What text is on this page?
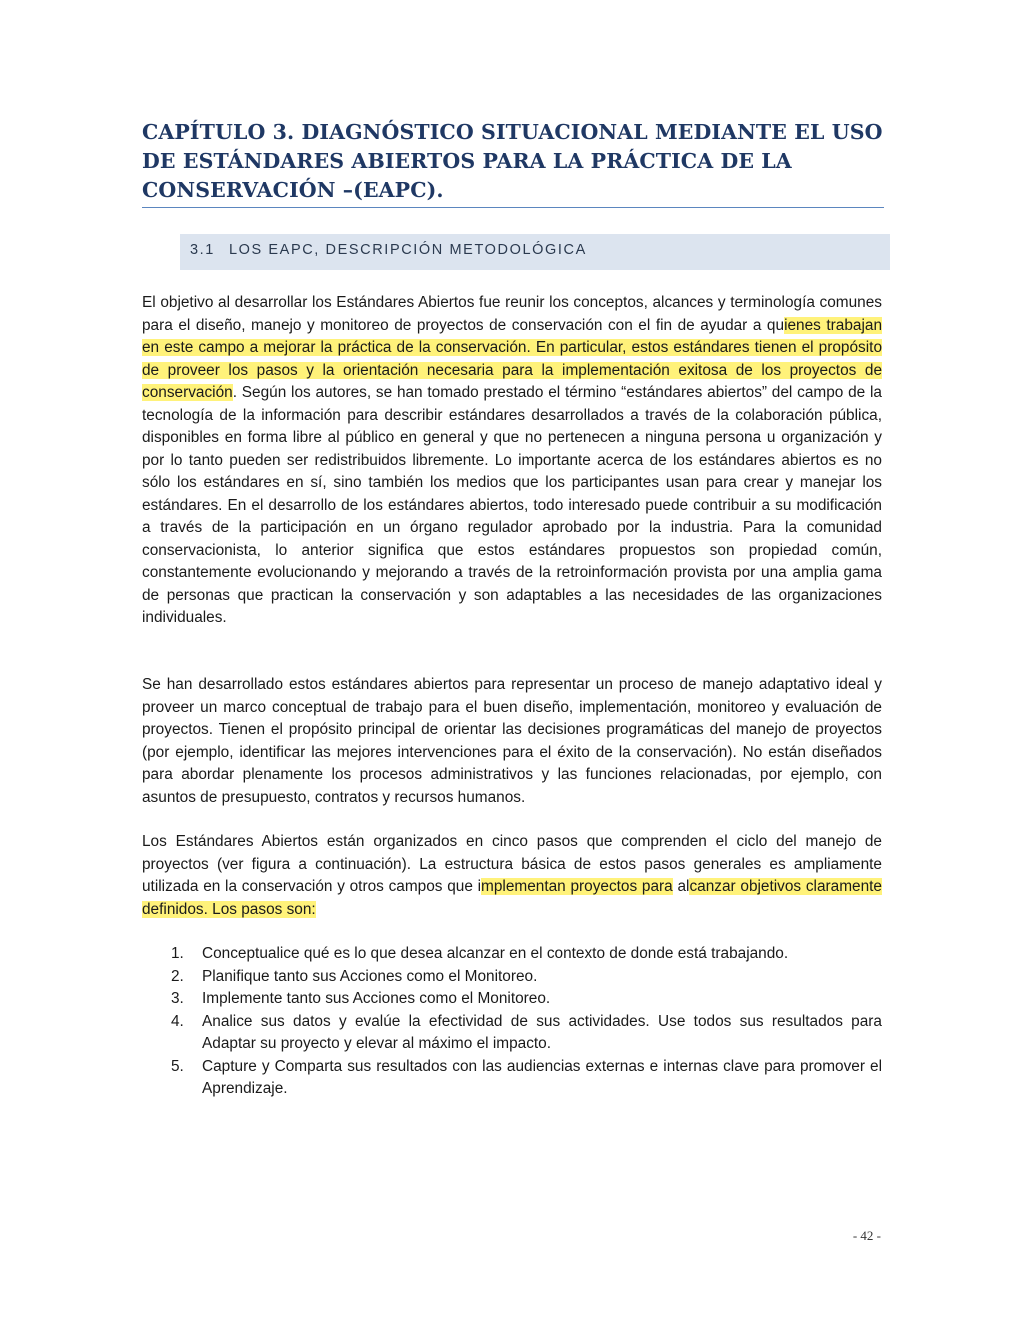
CAPÍTULO 3. DIAGNÓSTICO SITUACIONAL MEDIANTE EL USO DE ESTÁNDARES ABIERTOS PARA LA PRÁCTICA DE LA CONSERVACIÓN –(EAPC).
3.1 LOS EAPC, DESCRIPCIÓN METODOLÓGICA

El objetivo al desarrollar los Estándares Abiertos fue reunir los conceptos, alcances y terminología comunes para el diseño, manejo y monitoreo de proyectos de conservación con el fin de ayudar a quienes trabajan en este campo a mejorar la práctica de la conservación. En particular, estos estándares tienen el propósito de proveer los pasos y la orientación necesaria para la implementación exitosa de los proyectos de conservación. Según los autores, se han tomado prestado el término “estándares abiertos” del campo de la tecnología de la información para describir estándares desarrollados a través de la colaboración pública, disponibles en forma libre al público en general y que no pertenecen a ninguna persona u organización y por lo tanto pueden ser redistribuidos libremente. Lo importante acerca de los estándares abiertos es no sólo los estándares en sí, sino también los medios que los participantes usan para crear y manejar los estándares. En el desarrollo de los estándares abiertos, todo interesado puede contribuir a su modificación a través de la participación en un órgano regulador aprobado por la industria. Para la comunidad conservacionista, lo anterior significa que estos estándares propuestos son propiedad común, constantemente evolucionando y mejorando a través de la retroinformación provista por una amplia gama de personas que practican la conservación y son adaptables a las necesidades de las organizaciones individuales.

Se han desarrollado estos estándares abiertos para representar un proceso de manejo adaptativo ideal y proveer un marco conceptual de trabajo para el buen diseño, implementación, monitoreo y evaluación de proyectos. Tienen el propósito principal de orientar las decisiones programáticas del manejo de proyectos (por ejemplo, identificar las mejores intervenciones para el éxito de la conservación). No están diseñados para abordar plenamente los procesos administrativos y las funciones relacionadas, por ejemplo, con asuntos de presupuesto, contratos y recursos humanos.

Los Estándares Abiertos están organizados en cinco pasos que comprenden el ciclo del manejo de proyectos (ver figura a continuación). La estructura básica de estos pasos generales es ampliamente utilizada en la conservación y otros campos que implementan proyectos para alcanzar objetivos claramente definidos. Los pasos son:

1. Conceptualice qué es lo que desea alcanzar en el contexto de donde está trabajando.
2. Planifique tanto sus Acciones como el Monitoreo.
3. Implemente tanto sus Acciones como el Monitoreo.
4. Analice sus datos y evalúe la efectividad de sus actividades. Use todos sus resultados para Adaptar su proyecto y elevar al máximo el impacto.
5. Capture y Comparta sus resultados con las audiencias externas e internas clave para promover el Aprendizaje.
- 42 -
